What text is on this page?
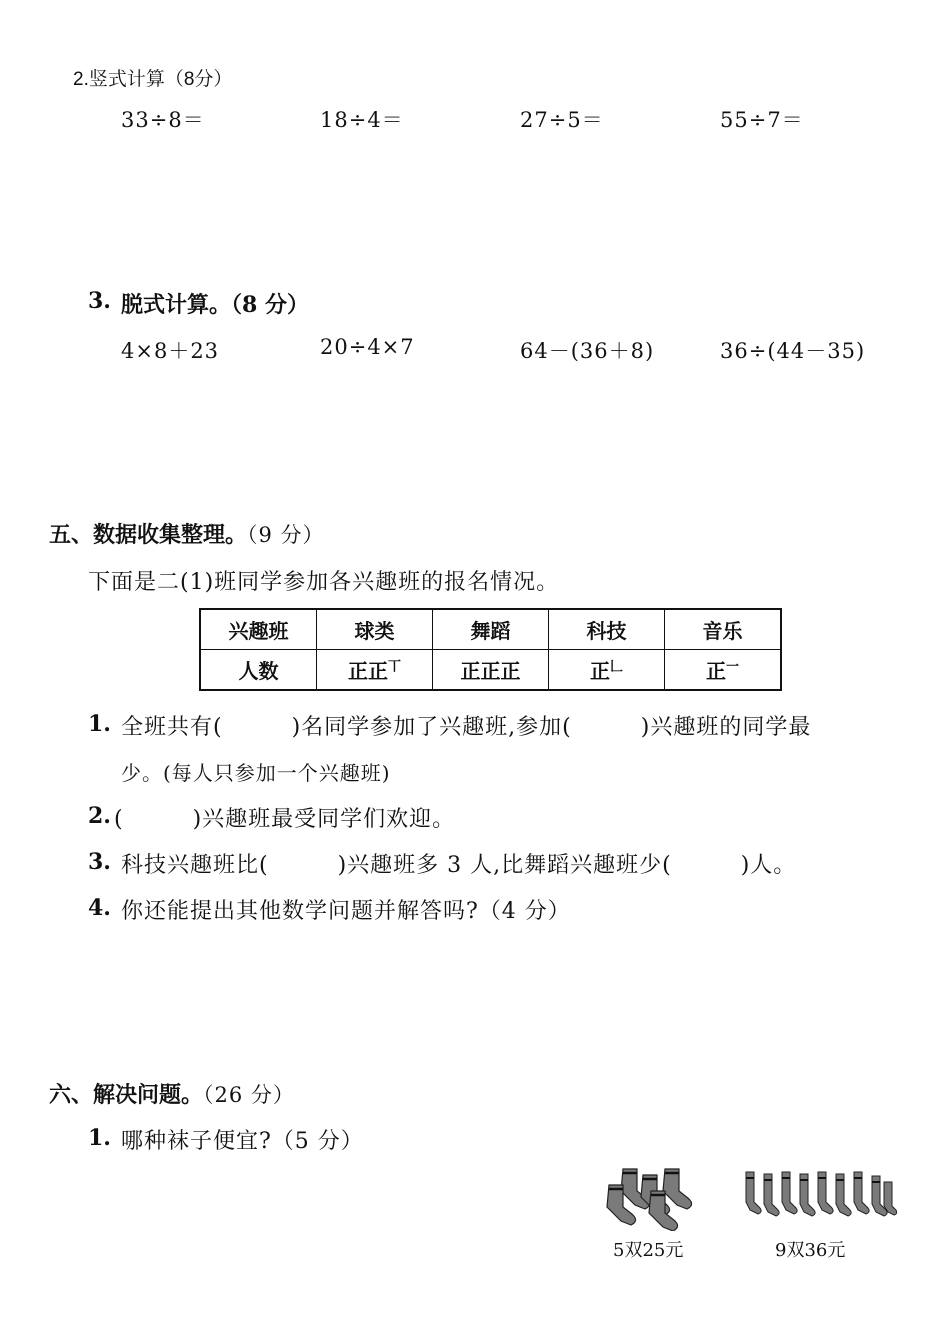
2.竖式计算（8分）
33÷8＝	18÷4＝	27÷5＝	55÷7＝
3. 脱式计算。（8 分）
4×8＋23	20÷4×7	64－(36＋8)	36÷(44－35)
五、数据收集整理。（9 分）
下面是二(1)班同学参加各兴趣班的报名情况。
兴趣班	球类	舞蹈	科技	音乐
人数	正正$^丅$	正正正	正$^𠃊$	正$^一$
1. 全班共有(　　　)名同学参加了兴趣班,参加(　　　)兴趣班的同学最
少。(每人只参加一个兴趣班)
2. (　　　)兴趣班最受同学们欢迎。
3. 科技兴趣班比(　　　)兴趣班多 3 人,比舞蹈兴趣班少(　　　)人。
4. 你还能提出其他数学问题并解答吗?（4 分）
六、解决问题。（26 分）
1. 哪种袜子便宜?（5 分）
5双25元	9双36元
